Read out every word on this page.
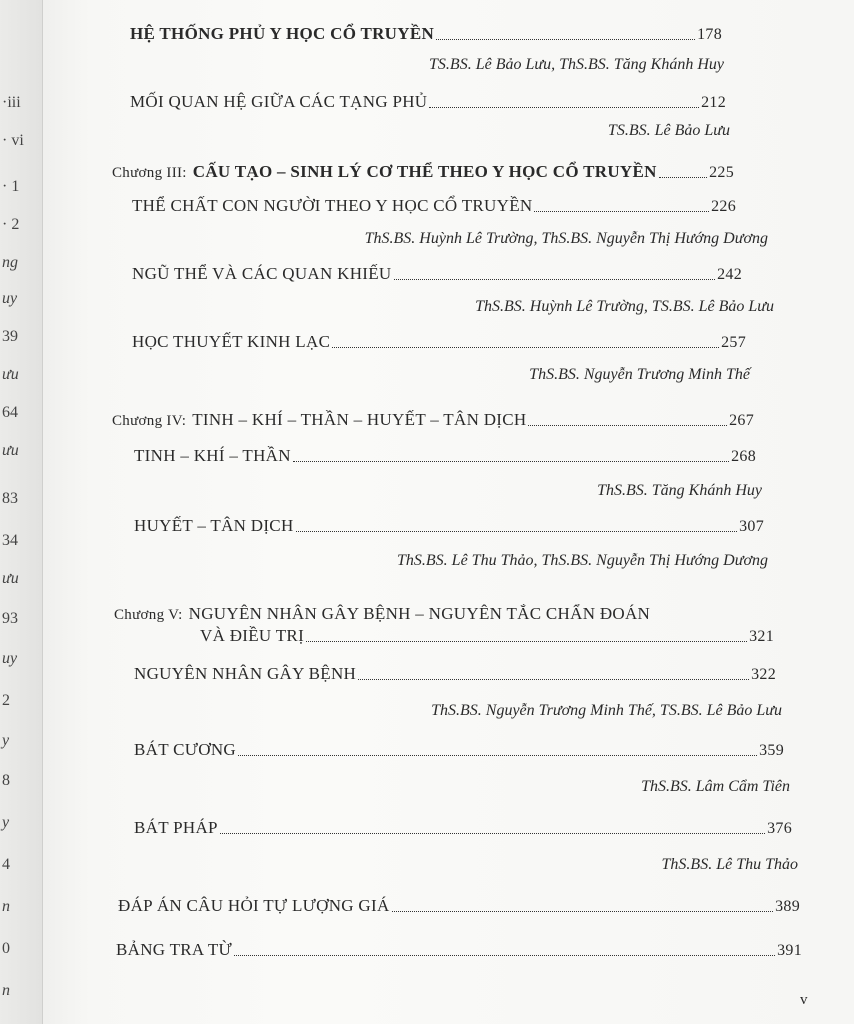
·iii
· vi
· 1
· 2
ng
uy
39
ưu
64
ưu
83
34
ưu
93
uy
2
y
8
y
4
n
0
n
HỆ THỐNG PHỦ Y HỌC CỔ TRUYỀN	178
TS.BS. Lê Bảo Lưu, ThS.BS. Tăng Khánh Huy
MỐI QUAN HỆ GIỮA CÁC TẠNG PHỦ	212
TS.BS. Lê Bảo Lưu
Chương III: CẤU TẠO – SINH LÝ CƠ THỂ THEO Y HỌC CỔ TRUYỀN	225
THỂ CHẤT CON NGƯỜI THEO Y HỌC CỔ TRUYỀN	226
ThS.BS. Huỳnh Lê Trường, ThS.BS. Nguyễn Thị Hướng Dương
NGŨ THỂ VÀ CÁC QUAN KHIẾU	242
ThS.BS. Huỳnh Lê Trường, TS.BS. Lê Bảo Lưu
HỌC THUYẾT KINH LẠC	257
ThS.BS. Nguyễn Trương Minh Thế
Chương IV: TINH – KHÍ – THẦN – HUYẾT – TÂN DỊCH	267
TINH – KHÍ – THẦN	268
ThS.BS. Tăng Khánh Huy
HUYẾT – TÂN DỊCH	307
ThS.BS. Lê Thu Thảo, ThS.BS. Nguyễn Thị Hướng Dương
Chương V: NGUYÊN NHÂN GÂY BỆNH – NGUYÊN TẮC CHẨN ĐOÁN
VÀ ĐIỀU TRỊ	321
NGUYÊN NHÂN GÂY BỆNH	322
ThS.BS. Nguyễn Trương Minh Thế, TS.BS. Lê Bảo Lưu
BÁT CƯƠNG	359
ThS.BS. Lâm Cẩm Tiên
BÁT PHÁP	376
ThS.BS. Lê Thu Thảo
ĐÁP ÁN CÂU HỎI TỰ LƯỢNG GIÁ	389
BẢNG TRA TỪ	391
v
